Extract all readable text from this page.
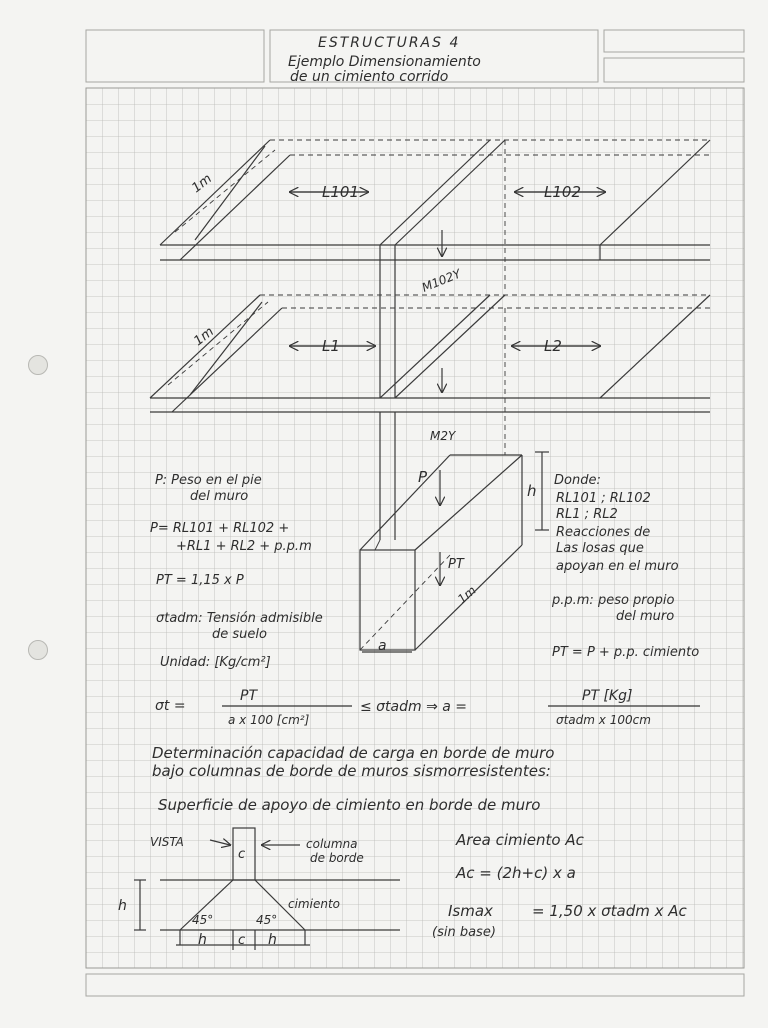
ESTRUCTURAS 4
Ejemplo Dimensionamiento
de un cimiento corrido
1m	L101	L102
M102Y
1m	L1	L2
M2Y
P
h
PT
1m
a
P: Peso en el pie
del muro
P= RL101 + RL102 +
+RL1 + RL2 + p.p.m
PT = 1,15 x P
σtadm: Tensión admisible
de suelo
Unidad: [Kg/cm²]
Donde:
RL101 ; RL102
RL1 ; RL2
Reacciones de
Las losas que
apoyan en el muro
p.p.m: peso propio
del muro
PT = P + p.p. cimiento
σt =
PT
a x 100 [cm²]
≤ σtadm ⇒ a =
PT [Kg]
σtadm x 100cm
Determinación capacidad de carga en borde de muro
bajo columnas de borde de muros sismorresistentes:
Superficie de apoyo de cimiento en borde de muro
VISTA
c
columna
de borde
h
45°	45°
cimiento
h c h
Area cimiento Ac
Ac = (2h+c) x a
Ismax	= 1,50 x σtadm x Ac
(sin base)
